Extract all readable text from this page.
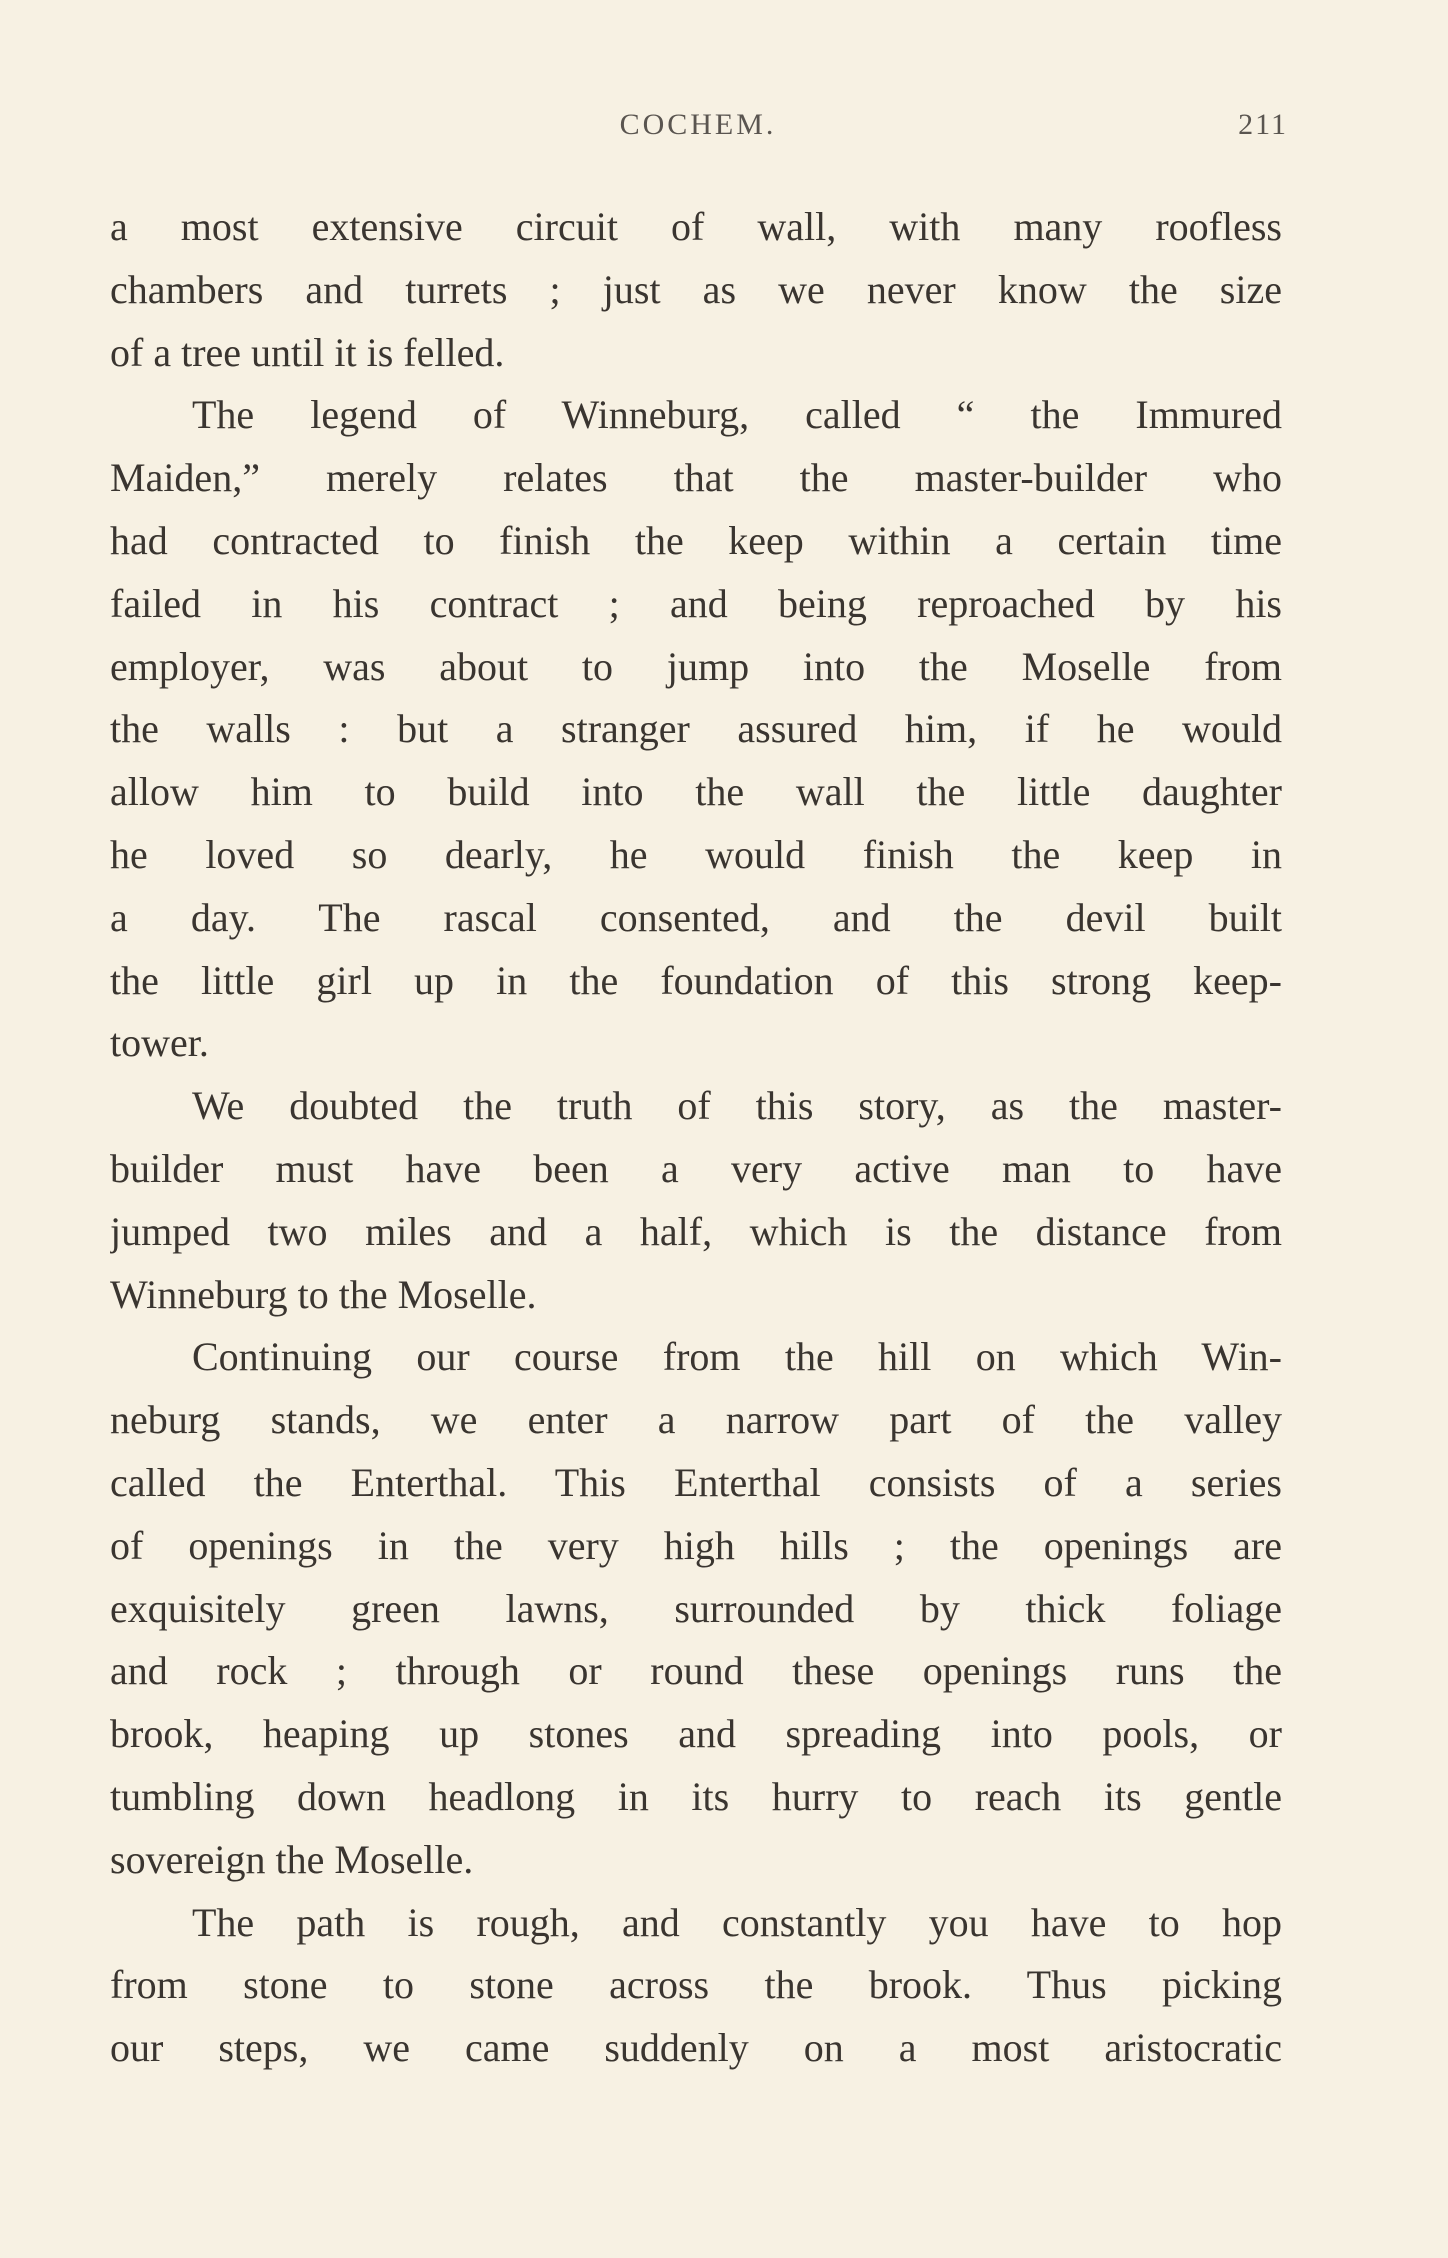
COCHEM.	211
a most extensive circuit of wall, with many roofless
chambers and turrets ; just as we never know the size
of a tree until it is felled.
The legend of Winneburg, called “ the Immured
Maiden,” merely relates that the master-builder who
had contracted to finish the keep within a certain time
failed in his contract ; and being reproached by his
employer, was about to jump into the Moselle from
the walls : but a stranger assured him, if he would
allow him to build into the wall the little daughter
he loved so dearly, he would finish the keep in
a day. The rascal consented, and the devil built
the little girl up in the foundation of this strong keep-
tower.
We doubted the truth of this story, as the master-
builder must have been a very active man to have
jumped two miles and a half, which is the distance from
Winneburg to the Moselle.
Continuing our course from the hill on which Win-
neburg stands, we enter a narrow part of the valley
called the Enterthal. This Enterthal consists of a series
of openings in the very high hills ; the openings are
exquisitely green lawns, surrounded by thick foliage
and rock ; through or round these openings runs the
brook, heaping up stones and spreading into pools, or
tumbling down headlong in its hurry to reach its gentle
sovereign the Moselle.
The path is rough, and constantly you have to hop
from stone to stone across the brook. Thus picking
our steps, we came suddenly on a most aristocratic
